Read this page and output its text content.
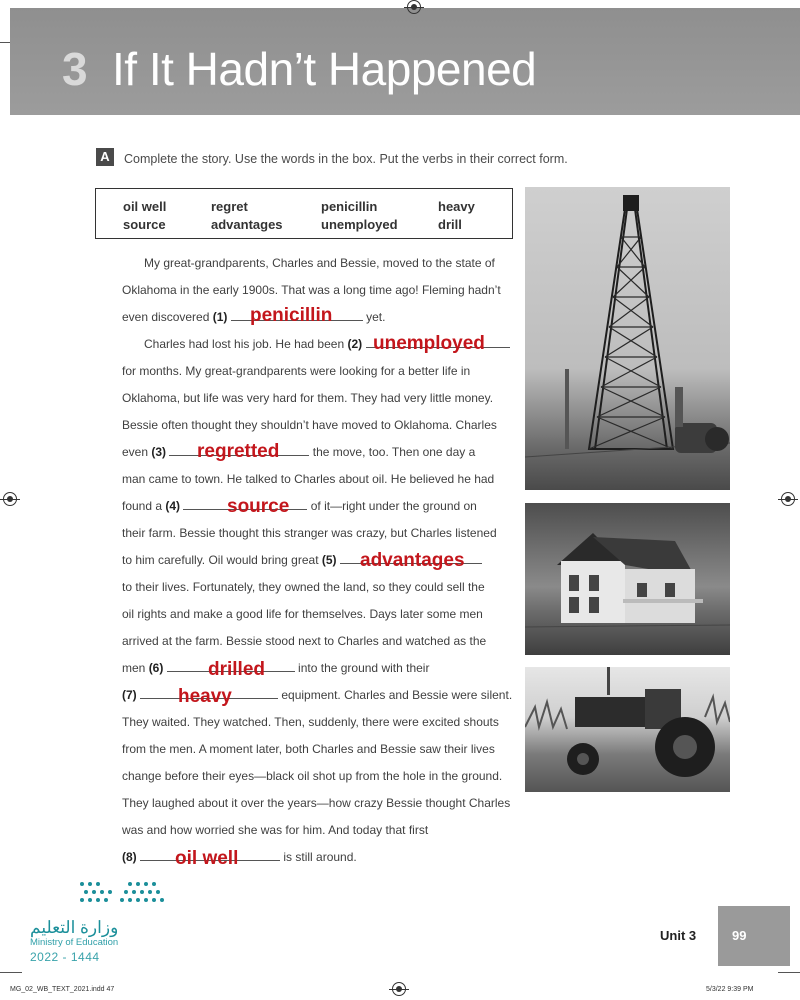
3 If It Hadn’t Happened
A	Complete the story. Use the words in the box. Put the verbs in their correct form.
oil well	regret	penicillin	heavy
source	advantages	unemployed	drill
My great-grandparents, Charles and Bessie, moved to the state of
Oklahoma in the early 1900s. That was a long time ago! Fleming hadn’t
even discovered (1)	yet.
Charles had lost his job. He had been (2)
for months. My great-grandparents were looking for a better life in
Oklahoma, but life was very hard for them. They had very little money.
Bessie often thought they shouldn’t have moved to Oklahoma. Charles
even (3)	the move, too. Then one day a
man came to town. He talked to Charles about oil. He believed he had
found a (4)	of it—right under the ground on
their farm. Bessie thought this stranger was crazy, but Charles listened
to him carefully. Oil would bring great (5)
to their lives. Fortunately, they owned the land, so they could sell the
oil rights and make a good life for themselves. Days later some men
arrived at the farm. Bessie stood next to Charles and watched as the
men (6)	into the ground with their
(7)	equipment. Charles and Bessie were silent.
They waited. They watched. Then, suddenly, there were excited shouts
from the men. A moment later, both Charles and Bessie saw their lives
change before their eyes—black oil shot up from the hole in the ground.
They laughed about it over the years—how crazy Bessie thought Charles
was and how worried she was for him. And today that first
(8)	is still around.
penicillin
unemployed
regretted
source
advantages
drilled
heavy
oil well
وزارة التعليم
Ministry of Education
2022 - 1444
Unit 3	99
MG_02_WB_TEXT_2021.indd 47	5/3/22 9:39 PM
